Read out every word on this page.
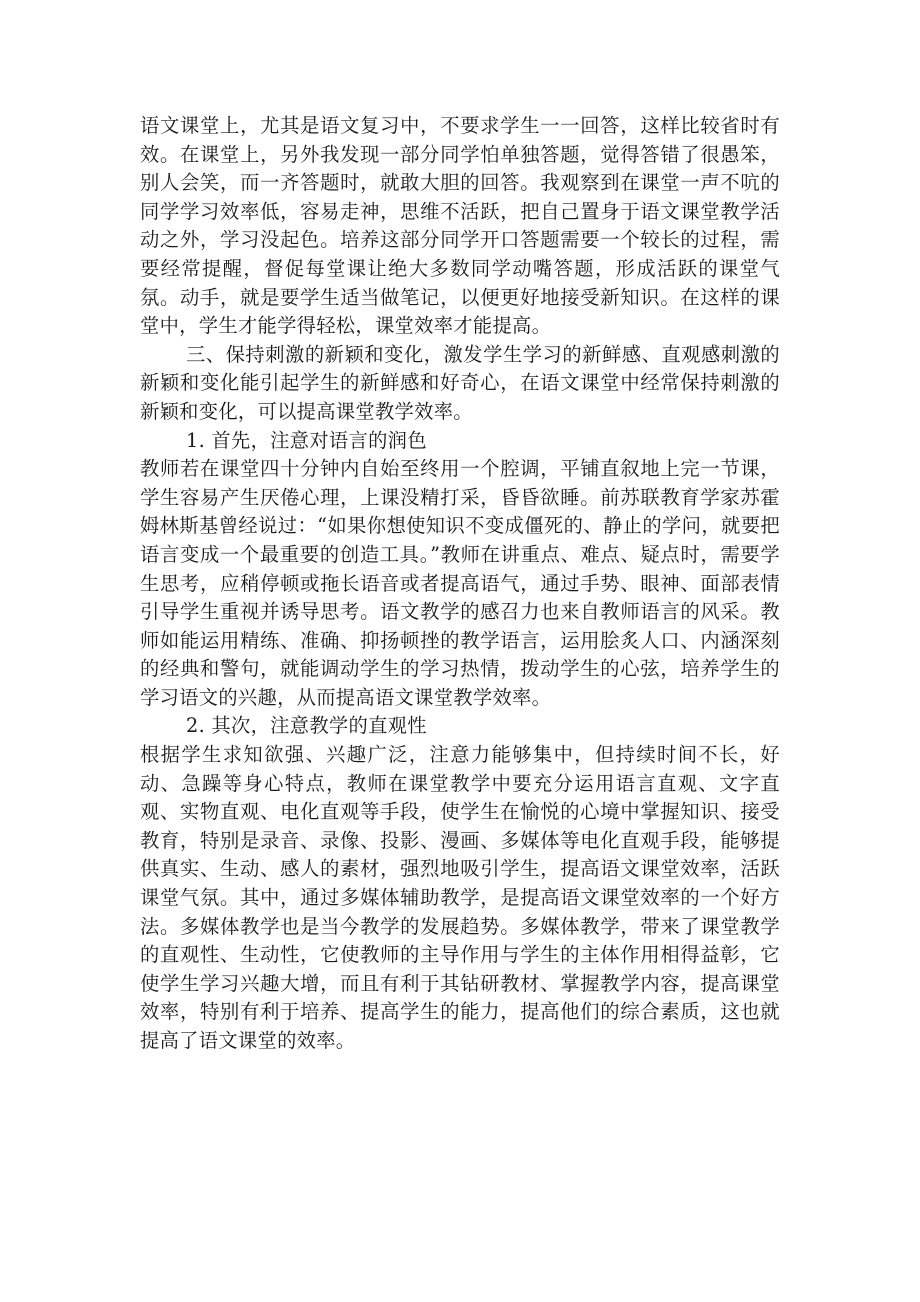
语文课堂上，尤其是语文复习中，不要求学生一一回答，这样比较省时有效。在课堂上，另外我发现一部分同学怕单独答题，觉得答错了很愚笨，别人会笑，而一齐答题时，就敢大胆的回答。我观察到在课堂一声不吭的同学学习效率低，容易走神，思维不活跃，把自己置身于语文课堂教学活动之外，学习没起色。培养这部分同学开口答题需要一个较长的过程，需要经常提醒，督促每堂课让绝大多数同学动嘴答题，形成活跃的课堂气氛。动手，就是要学生适当做笔记，以便更好地接受新知识。在这样的课堂中，学生才能学得轻松，课堂效率才能提高。

三、保持刺激的新颖和变化，激发学生学习的新鲜感、直观感刺激的新颖和变化能引起学生的新鲜感和好奇心，在语文课堂中经常保持刺激的新颖和变化，可以提高课堂教学效率。

1. 首先，注意对语言的润色

教师若在课堂四十分钟内自始至终用一个腔调，平铺直叙地上完一节课，学生容易产生厌倦心理，上课没精打采，昏昏欲睡。前苏联教育学家苏霍姆林斯基曾经说过：“如果你想使知识不变成僵死的、静止的学问，就要把语言变成一个最重要的创造工具。”教师在讲重点、难点、疑点时，需要学生思考，应稍停顿或拖长语音或者提高语气，通过手势、眼神、面部表情引导学生重视并诱导思考。语文教学的感召力也来自教师语言的风采。教师如能运用精练、准确、抑扬顿挫的教学语言，运用脍炙人口、内涵深刻的经典和警句，就能调动学生的学习热情，拨动学生的心弦，培养学生的学习语文的兴趣，从而提高语文课堂教学效率。

2. 其次，注意教学的直观性

根据学生求知欲强、兴趣广泛，注意力能够集中，但持续时间不长，好动、急躁等身心特点，教师在课堂教学中要充分运用语言直观、文字直观、实物直观、电化直观等手段，使学生在愉悦的心境中掌握知识、接受教育，特别是录音、录像、投影、漫画、多媒体等电化直观手段，能够提供真实、生动、感人的素材，强烈地吸引学生，提高语文课堂效率，活跃课堂气氛。其中，通过多媒体辅助教学，是提高语文课堂效率的一个好方法。多媒体教学也是当今教学的发展趋势。多媒体教学，带来了课堂教学的直观性、生动性，它使教师的主导作用与学生的主体作用相得益彰，它使学生学习兴趣大增，而且有利于其钻研教材、掌握教学内容，提高课堂效率，特别有利于培养、提高学生的能力，提高他们的综合素质，这也就提高了语文课堂的效率。
